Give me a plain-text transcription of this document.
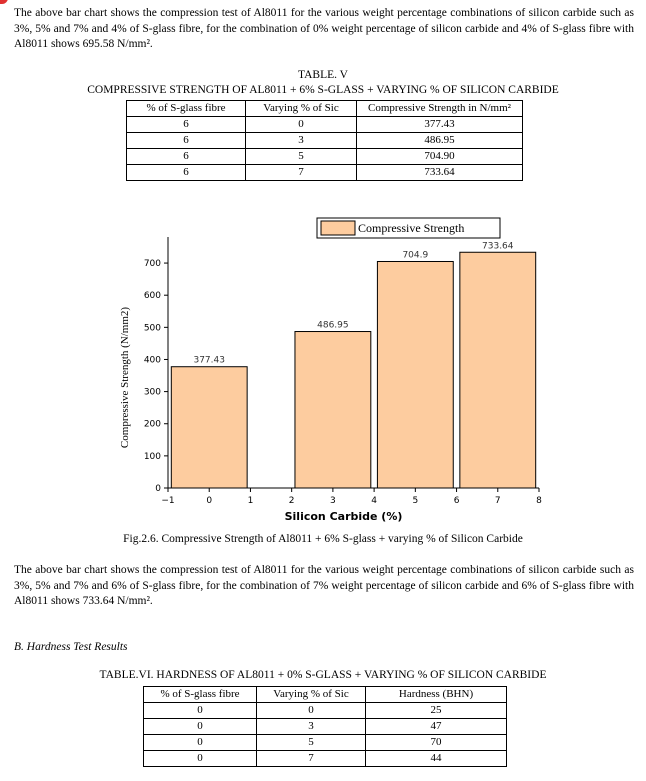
The above bar chart shows the compression test of Al8011 for the various weight percentage combinations of silicon carbide such as 3%, 5% and 7% and 4% of S-glass fibre, for the combination of 0% weight percentage of silicon carbide and 4% of S-glass fibre with Al8011 shows 695.58 N/mm².
TABLE. V
COMPRESSIVE STRENGTH OF AL8011 + 6% S-GLASS + VARYING % OF SILICON CARBIDE
% of S-glass fibre	Varying % of Sic	Compressive Strength in N/mm²
6	0	377.43
6	3	486.95
6	5	704.90
6	7	733.64
377.43
486.95
704.9
733.64
−1	0	1	2	3	4	5	6	7	8
0
100
200
300
400
500
600
700
Silicon Carbide (%)
Compressive Strength (N/mm2)
Compressive Strength
Fig.2.6. Compressive Strength of Al8011 + 6% S-glass + varying % of Silicon Carbide
The above bar chart shows the compression test of Al8011 for the various weight percentage combinations of silicon carbide such as 3%, 5% and 7% and 6% of S-glass fibre, for the combination of 7% weight percentage of silicon carbide and 6% of S-glass fibre with Al8011 shows 733.64 N/mm².
B. Hardness Test Results
TABLE.VI. HARDNESS OF AL8011 + 0% S-GLASS + VARYING % OF SILICON CARBIDE
% of S-glass fibre	Varying % of Sic	Hardness (BHN)
0	0	25
0	3	47
0	5	70
0	7	44
